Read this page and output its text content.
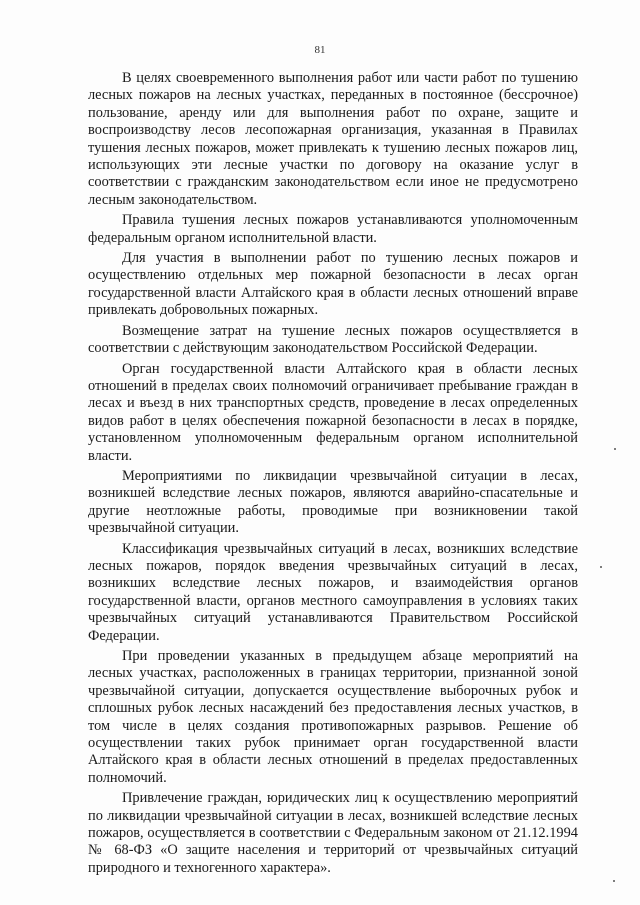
81

В целях своевременного выполнения работ или части работ по тушению лесных пожаров на лесных участках, переданных в постоянное (бессрочное) пользование, аренду или для выполнения работ по охране, защите и воспроизводству лесов лесопожарная организация, указанная в Правилах тушения лесных пожаров, может привлекать к тушению лесных пожаров лиц, использующих эти лесные участки по договору на оказание услуг в соответствии с гражданским законодательством если иное не предусмотрено лесным законодательством.

Правила тушения лесных пожаров устанавливаются уполномоченным федеральным органом исполнительной власти.

Для участия в выполнении работ по тушению лесных пожаров и осуществлению отдельных мер пожарной безопасности в лесах орган государственной власти Алтайского края в области лесных отношений вправе привлекать добровольных пожарных.

Возмещение затрат на тушение лесных пожаров осуществляется в соответствии с действующим законодательством Российской Федерации.

Орган государственной власти Алтайского края в области лесных отношений в пределах своих полномочий ограничивает пребывание граждан в лесах и въезд в них транспортных средств, проведение в лесах определенных видов работ в целях обеспечения пожарной безопасности в лесах в порядке, установленном уполномоченным федеральным органом исполнительной власти.

Мероприятиями по ликвидации чрезвычайной ситуации в лесах, возникшей вследствие лесных пожаров, являются аварийно-спасательные и другие неотложные работы, проводимые при возникновении такой чрезвычайной ситуации.

Классификация чрезвычайных ситуаций в лесах, возникших вследствие лесных пожаров, порядок введения чрезвычайных ситуаций в лесах, возникших вследствие лесных пожаров, и взаимодействия органов государственной власти, органов местного самоуправления в условиях таких чрезвычайных ситуаций устанавливаются Правительством Российской Федерации.

При проведении указанных в предыдущем абзаце мероприятий на лесных участках, расположенных в границах территории, признанной зоной чрезвычайной ситуации, допускается осуществление выборочных рубок и сплошных рубок лесных насаждений без предоставления лесных участков, в том числе в целях создания противопожарных разрывов. Решение об осуществлении таких рубок принимает орган государственной власти Алтайского края в области лесных отношений в пределах предоставленных полномочий.

Привлечение граждан, юридических лиц к осуществлению мероприятий по ликвидации чрезвычайной ситуации в лесах, возникшей вследствие лесных пожаров, осуществляется в соответствии с Федеральным законом от 21.12.1994 № 68-ФЗ «О защите населения и территорий от чрезвычайных ситуаций природного и техногенного характера».
